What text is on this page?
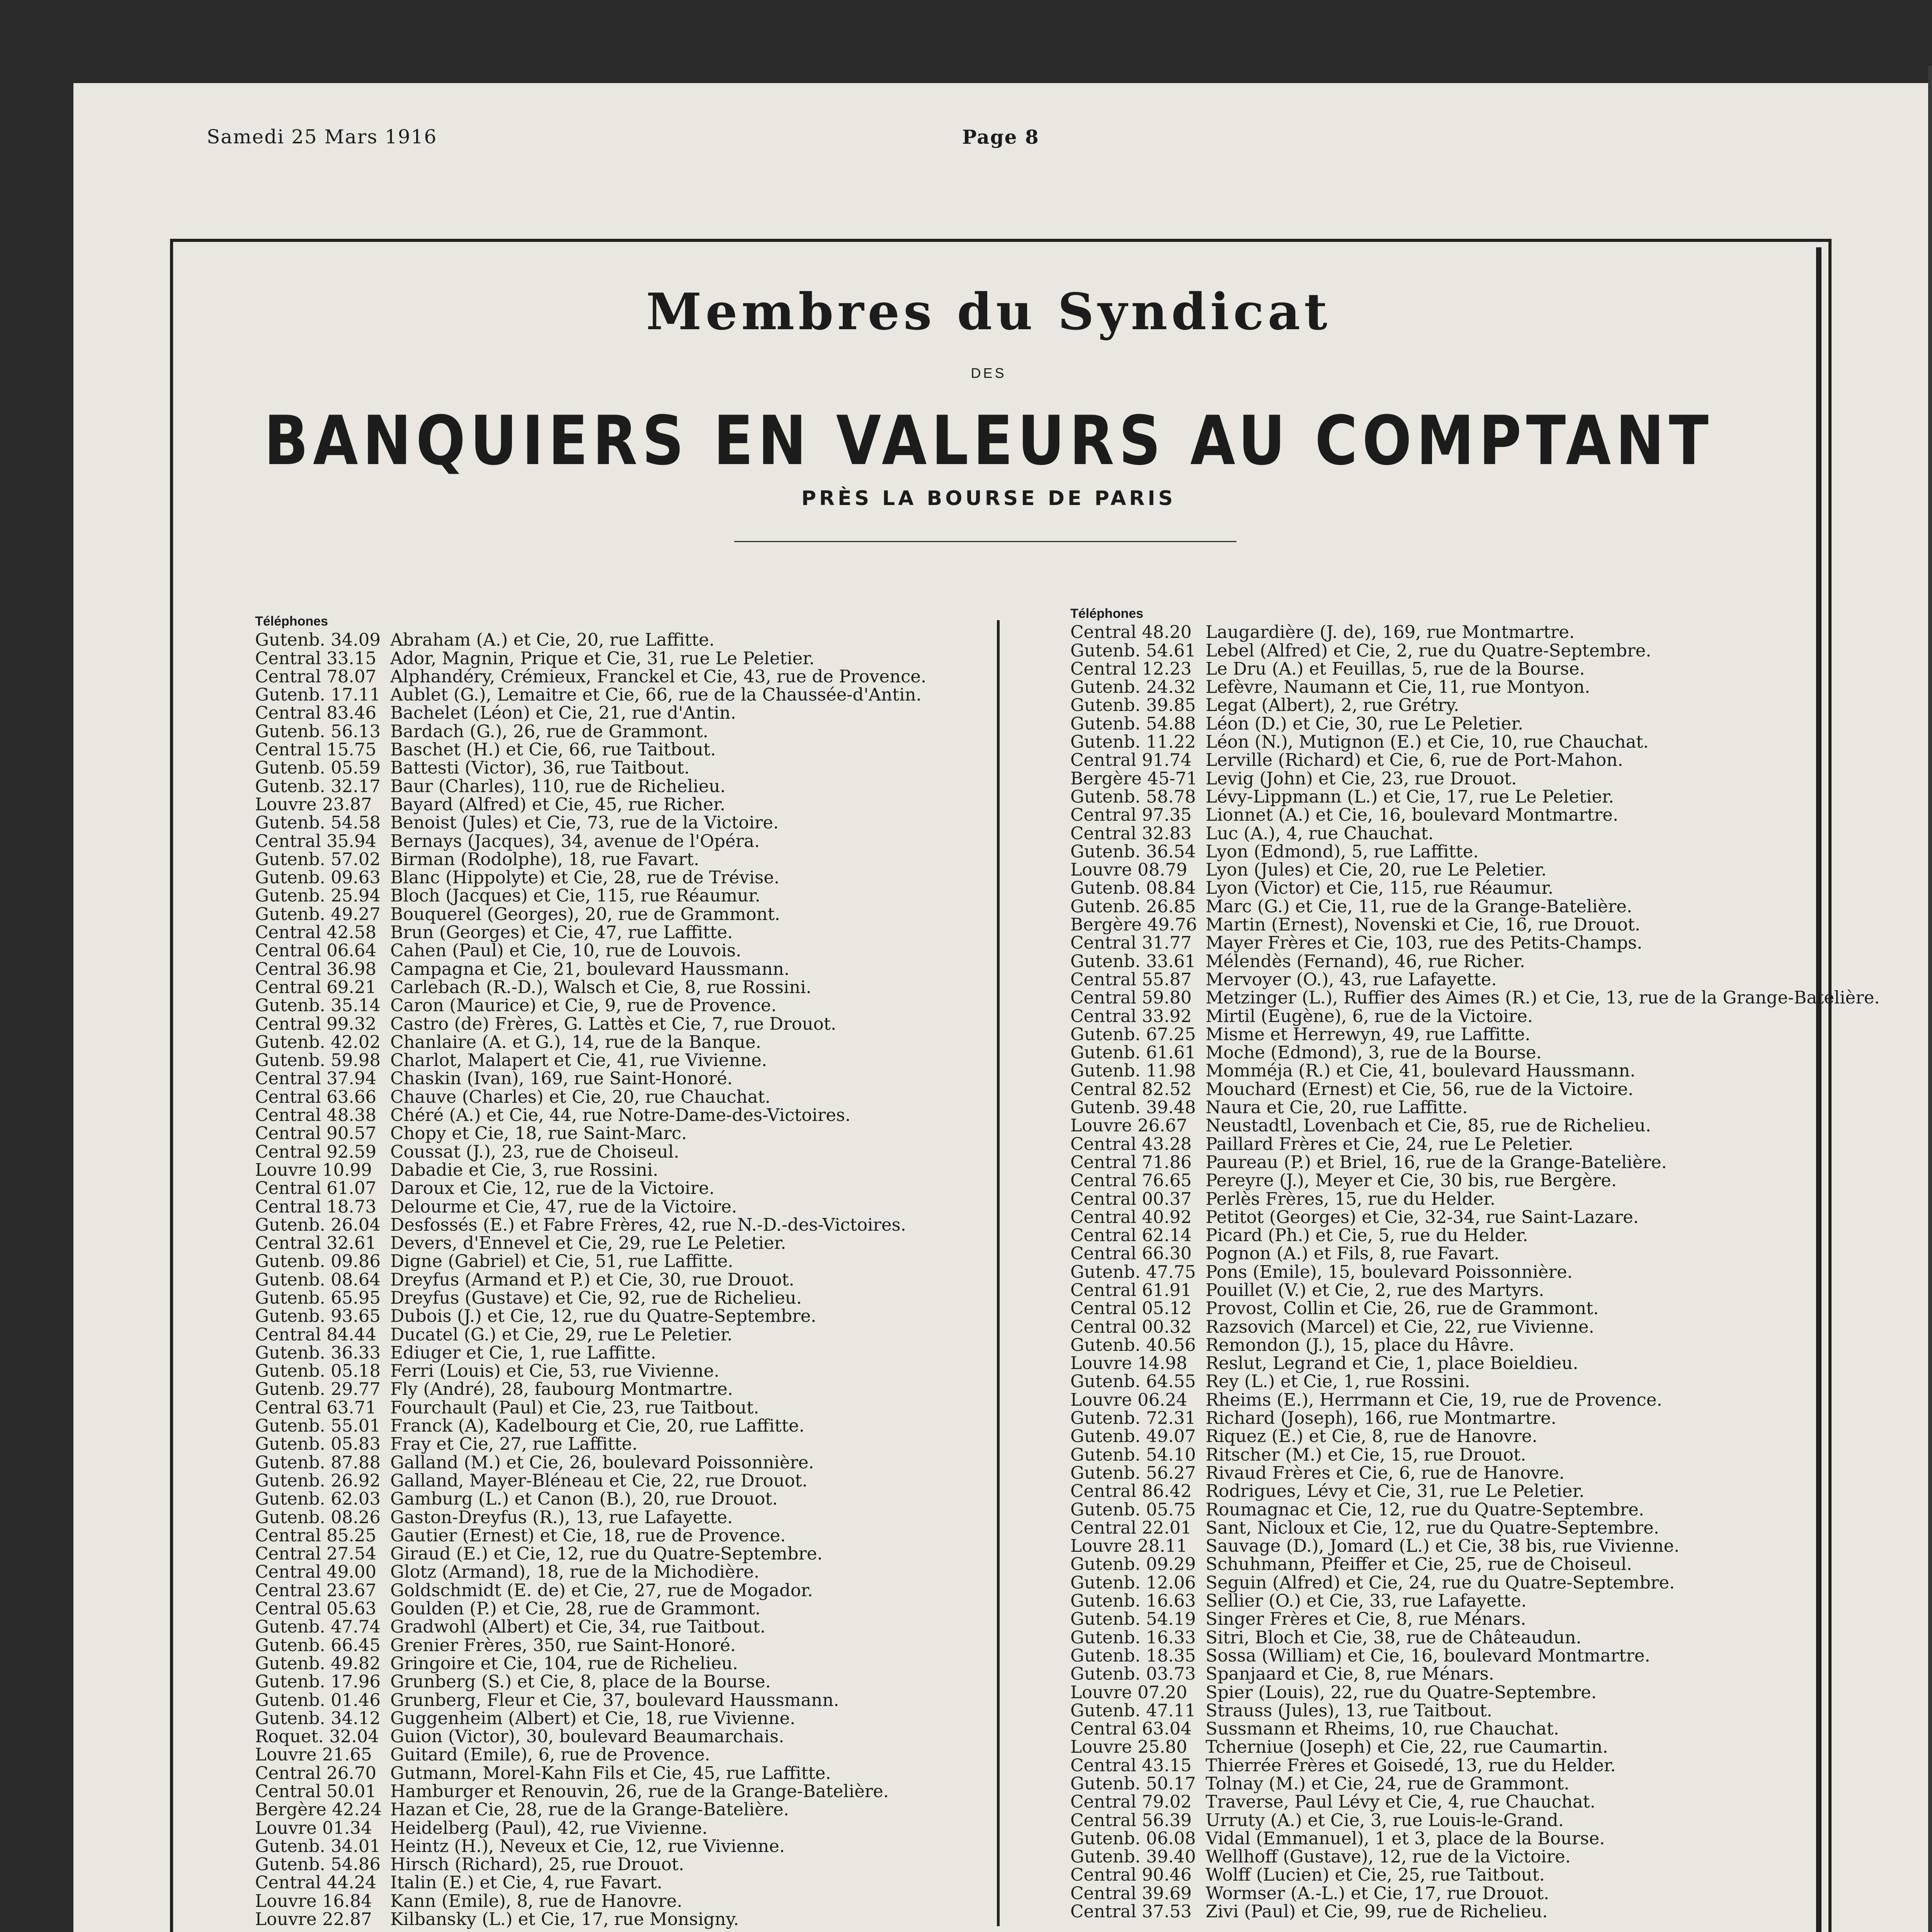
Samedi 25 Mars 1916	Page 8
Membres du Syndicat
DES
BANQUIERS EN VALEURS AU COMPTANT
PRÈS LA BOURSE DE PARIS
Téléphones
Gutenb. 34.09 Abraham (A.) et Cie, 20, rue Laffitte.
Central 33.15 Ador, Magnin, Prique et Cie, 31, rue Le Peletier.
Central 78.07 Alphandéry, Crémieux, Franckel et Cie, 43, rue de Provence.
Gutenb. 17.11 Aublet (G.), Lemaitre et Cie, 66, rue de la Chaussée-d'Antin.
Central 83.46 Bachelet (Léon) et Cie, 21, rue d'Antin.
Gutenb. 56.13 Bardach (G.), 26, rue de Grammont.
Central 15.75 Baschet (H.) et Cie, 66, rue Taitbout.
Gutenb. 05.59 Battesti (Victor), 36, rue Taitbout.
Gutenb. 32.17 Baur (Charles), 110, rue de Richelieu.
Louvre 23.87	Bayard (Alfred) et Cie, 45, rue Richer.
Gutenb. 54.58 Benoist (Jules) et Cie, 73, rue de la Victoire.
Central 35.94 Bernays (Jacques), 34, avenue de l'Opéra.
Gutenb. 57.02 Birman (Rodolphe), 18, rue Favart.
Gutenb. 09.63 Blanc (Hippolyte) et Cie, 28, rue de Trévise.
Gutenb. 25.94 Bloch (Jacques) et Cie, 115, rue Réaumur.
Gutenb. 49.27 Bouquerel (Georges), 20, rue de Grammont.
Central 42.58 Brun (Georges) et Cie, 47, rue Laffitte.
Central 06.64 Cahen (Paul) et Cie, 10, rue de Louvois.
Central 36.98 Campagna et Cie, 21, boulevard Haussmann.
Central 69.21 Carlebach (R.-D.), Walsch et Cie, 8, rue Rossini.
Gutenb. 35.14 Caron (Maurice) et Cie, 9, rue de Provence.
Central 99.32 Castro (de) Frères, G. Lattès et Cie, 7, rue Drouot.
Gutenb. 42.02 Chanlaire (A. et G.), 14, rue de la Banque.
Gutenb. 59.98 Charlot, Malapert et Cie, 41, rue Vivienne.
Central 37.94 Chaskin (Ivan), 169, rue Saint-Honoré.
Central 63.66 Chauve (Charles) et Cie, 20, rue Chauchat.
Central 48.38 Chéré (A.) et Cie, 44, rue Notre-Dame-des-Victoires.
Central 90.57 Chopy et Cie, 18, rue Saint-Marc.
Central 92.59 Coussat (J.), 23, rue de Choiseul.
Louvre 10.99	Dabadie et Cie, 3, rue Rossini.
Central 61.07 Daroux et Cie, 12, rue de la Victoire.
Central 18.73 Delourme et Cie, 47, rue de la Victoire.
Gutenb. 26.04 Desfossés (E.) et Fabre Frères, 42, rue N.-D.-des-Victoires.
Central 32.61 Devers, d'Ennevel et Cie, 29, rue Le Peletier.
Gutenb. 09.86 Digne (Gabriel) et Cie, 51, rue Laffitte.
Gutenb. 08.64 Dreyfus (Armand et P.) et Cie, 30, rue Drouot.
Gutenb. 65.95 Dreyfus (Gustave) et Cie, 92, rue de Richelieu.
Gutenb. 93.65 Dubois (J.) et Cie, 12, rue du Quatre-Septembre.
Central 84.44 Ducatel (G.) et Cie, 29, rue Le Peletier.
Gutenb. 36.33 Ediuger et Cie, 1, rue Laffitte.
Gutenb. 05.18 Ferri (Louis) et Cie, 53, rue Vivienne.
Gutenb. 29.77 Fly (André), 28, faubourg Montmartre.
Central 63.71 Fourchault (Paul) et Cie, 23, rue Taitbout.
Gutenb. 55.01 Franck (A), Kadelbourg et Cie, 20, rue Laffitte.
Gutenb. 05.83 Fray et Cie, 27, rue Laffitte.
Gutenb. 87.88 Galland (M.) et Cie, 26, boulevard Poissonnière.
Gutenb. 26.92 Galland, Mayer-Bléneau et Cie, 22, rue Drouot.
Gutenb. 62.03 Gamburg (L.) et Canon (B.), 20, rue Drouot.
Gutenb. 08.26 Gaston-Dreyfus (R.), 13, rue Lafayette.
Central 85.25 Gautier (Ernest) et Cie, 18, rue de Provence.
Central 27.54 Giraud (E.) et Cie, 12, rue du Quatre-Septembre.
Central 49.00 Glotz (Armand), 18, rue de la Michodière.
Central 23.67 Goldschmidt (E. de) et Cie, 27, rue de Mogador.
Central 05.63 Goulden (P.) et Cie, 28, rue de Grammont.
Gutenb. 47.74 Gradwohl (Albert) et Cie, 34, rue Taitbout.
Gutenb. 66.45 Grenier Frères, 350, rue Saint-Honoré.
Gutenb. 49.82 Gringoire et Cie, 104, rue de Richelieu.
Gutenb. 17.96 Grunberg (S.) et Cie, 8, place de la Bourse.
Gutenb. 01.46 Grunberg, Fleur et Cie, 37, boulevard Haussmann.
Gutenb. 34.12 Guggenheim (Albert) et Cie, 18, rue Vivienne.
Roquet. 32.04 Guion (Victor), 30, boulevard Beaumarchais.
Louvre 21.65	Guitard (Emile), 6, rue de Provence.
Central 26.70 Gutmann, Morel-Kahn Fils et Cie, 45, rue Laffitte.
Central 50.01 Hamburger et Renouvin, 26, rue de la Grange-Batelière.
Bergère 42.24 Hazan et Cie, 28, rue de la Grange-Batelière.
Louvre 01.34	Heidelberg (Paul), 42, rue Vivienne.
Gutenb. 34.01 Heintz (H.), Neveux et Cie, 12, rue Vivienne.
Gutenb. 54.86 Hirsch (Richard), 25, rue Drouot.
Central 44.24 Italin (E.) et Cie, 4, rue Favart.
Louvre 16.84	Kann (Emile), 8, rue de Hanovre.
Louvre 22.87	Kilbansky (L.) et Cie, 17, rue Monsigny.
Téléphones
Central 48.20 Laugardière (J. de), 169, rue Montmartre.
Gutenb. 54.61 Lebel (Alfred) et Cie, 2, rue du Quatre-Septembre.
Central 12.23 Le Dru (A.) et Feuillas, 5, rue de la Bourse.
Gutenb. 24.32 Lefèvre, Naumann et Cie, 11, rue Montyon.
Gutenb. 39.85 Legat (Albert), 2, rue Grétry.
Gutenb. 54.88 Léon (D.) et Cie, 30, rue Le Peletier.
Gutenb. 11.22 Léon (N.), Mutignon (E.) et Cie, 10, rue Chauchat.
Central 91.74 Lerville (Richard) et Cie, 6, rue de Port-Mahon.
Bergère 45-71 Levig (John) et Cie, 23, rue Drouot.
Gutenb. 58.78 Lévy-Lippmann (L.) et Cie, 17, rue Le Peletier.
Central 97.35 Lionnet (A.) et Cie, 16, boulevard Montmartre.
Central 32.83 Luc (A.), 4, rue Chauchat.
Gutenb. 36.54 Lyon (Edmond), 5, rue Laffitte.
Louvre 08.79	Lyon (Jules) et Cie, 20, rue Le Peletier.
Gutenb. 08.84 Lyon (Victor) et Cie, 115, rue Réaumur.
Gutenb. 26.85 Marc (G.) et Cie, 11, rue de la Grange-Batelière.
Bergère 49.76 Martin (Ernest), Novenski et Cie, 16, rue Drouot.
Central 31.77 Mayer Frères et Cie, 103, rue des Petits-Champs.
Gutenb. 33.61 Mélendès (Fernand), 46, rue Richer.
Central 55.87 Mervoyer (O.), 43, rue Lafayette.
Central 59.80 Metzinger (L.), Ruffier des Aimes (R.) et Cie, 13, rue de la Grange-Batelière.
Central 33.92 Mirtil (Eugène), 6, rue de la Victoire.
Gutenb. 67.25 Misme et Herrewyn, 49, rue Laffitte.
Gutenb. 61.61 Moche (Edmond), 3, rue de la Bourse.
Gutenb. 11.98 Momméja (R.) et Cie, 41, boulevard Haussmann.
Central 82.52 Mouchard (Ernest) et Cie, 56, rue de la Victoire.
Gutenb. 39.48 Naura et Cie, 20, rue Laffitte.
Louvre 26.67	Neustadtl, Lovenbach et Cie, 85, rue de Richelieu.
Central 43.28 Paillard Frères et Cie, 24, rue Le Peletier.
Central 71.86 Paureau (P.) et Briel, 16, rue de la Grange-Batelière.
Central 76.65 Pereyre (J.), Meyer et Cie, 30 bis, rue Bergère.
Central 00.37 Perlès Frères, 15, rue du Helder.
Central 40.92 Petitot (Georges) et Cie, 32-34, rue Saint-Lazare.
Central 62.14 Picard (Ph.) et Cie, 5, rue du Helder.
Central 66.30 Pognon (A.) et Fils, 8, rue Favart.
Gutenb. 47.75 Pons (Emile), 15, boulevard Poissonnière.
Central 61.91 Pouillet (V.) et Cie, 2, rue des Martyrs.
Central 05.12 Provost, Collin et Cie, 26, rue de Grammont.
Central 00.32 Razsovich (Marcel) et Cie, 22, rue Vivienne.
Gutenb. 40.56 Remondon (J.), 15, place du Hâvre.
Louvre 14.98	Reslut, Legrand et Cie, 1, place Boieldieu.
Gutenb. 64.55 Rey (L.) et Cie, 1, rue Rossini.
Louvre 06.24	Rheims (E.), Herrmann et Cie, 19, rue de Provence.
Gutenb. 72.31 Richard (Joseph), 166, rue Montmartre.
Gutenb. 49.07 Riquez (E.) et Cie, 8, rue de Hanovre.
Gutenb. 54.10 Ritscher (M.) et Cie, 15, rue Drouot.
Gutenb. 56.27 Rivaud Frères et Cie, 6, rue de Hanovre.
Central 86.42 Rodrigues, Lévy et Cie, 31, rue Le Peletier.
Gutenb. 05.75 Roumagnac et Cie, 12, rue du Quatre-Septembre.
Central 22.01 Sant, Nicloux et Cie, 12, rue du Quatre-Septembre.
Louvre 28.11	Sauvage (D.), Jomard (L.) et Cie, 38 bis, rue Vivienne.
Gutenb. 09.29 Schuhmann, Pfeiffer et Cie, 25, rue de Choiseul.
Gutenb. 12.06 Seguin (Alfred) et Cie, 24, rue du Quatre-Septembre.
Gutenb. 16.63 Sellier (O.) et Cie, 33, rue Lafayette.
Gutenb. 54.19 Singer Frères et Cie, 8, rue Ménars.
Gutenb. 16.33 Sitri, Bloch et Cie, 38, rue de Châteaudun.
Gutenb. 18.35 Sossa (William) et Cie, 16, boulevard Montmartre.
Gutenb. 03.73 Spanjaard et Cie, 8, rue Ménars.
Louvre 07.20	Spier (Louis), 22, rue du Quatre-Septembre.
Gutenb. 47.11 Strauss (Jules), 13, rue Taitbout.
Central 63.04 Sussmann et Rheims, 10, rue Chauchat.
Louvre 25.80	Tcherniue (Joseph) et Cie, 22, rue Caumartin.
Central 43.15 Thierrée Frères et Goisedé, 13, rue du Helder.
Gutenb. 50.17 Tolnay (M.) et Cie, 24, rue de Grammont.
Central 79.02 Traverse, Paul Lévy et Cie, 4, rue Chauchat.
Central 56.39 Urruty (A.) et Cie, 3, rue Louis-le-Grand.
Gutenb. 06.08 Vidal (Emmanuel), 1 et 3, place de la Bourse.
Gutenb. 39.40 Wellhoff (Gustave), 12, rue de la Victoire.
Central 90.46 Wolff (Lucien) et Cie, 25, rue Taitbout.
Central 39.69 Wormser (A.-L.) et Cie, 17, rue Drouot.
Central 37.53 Zivi (Paul) et Cie, 99, rue de Richelieu.
